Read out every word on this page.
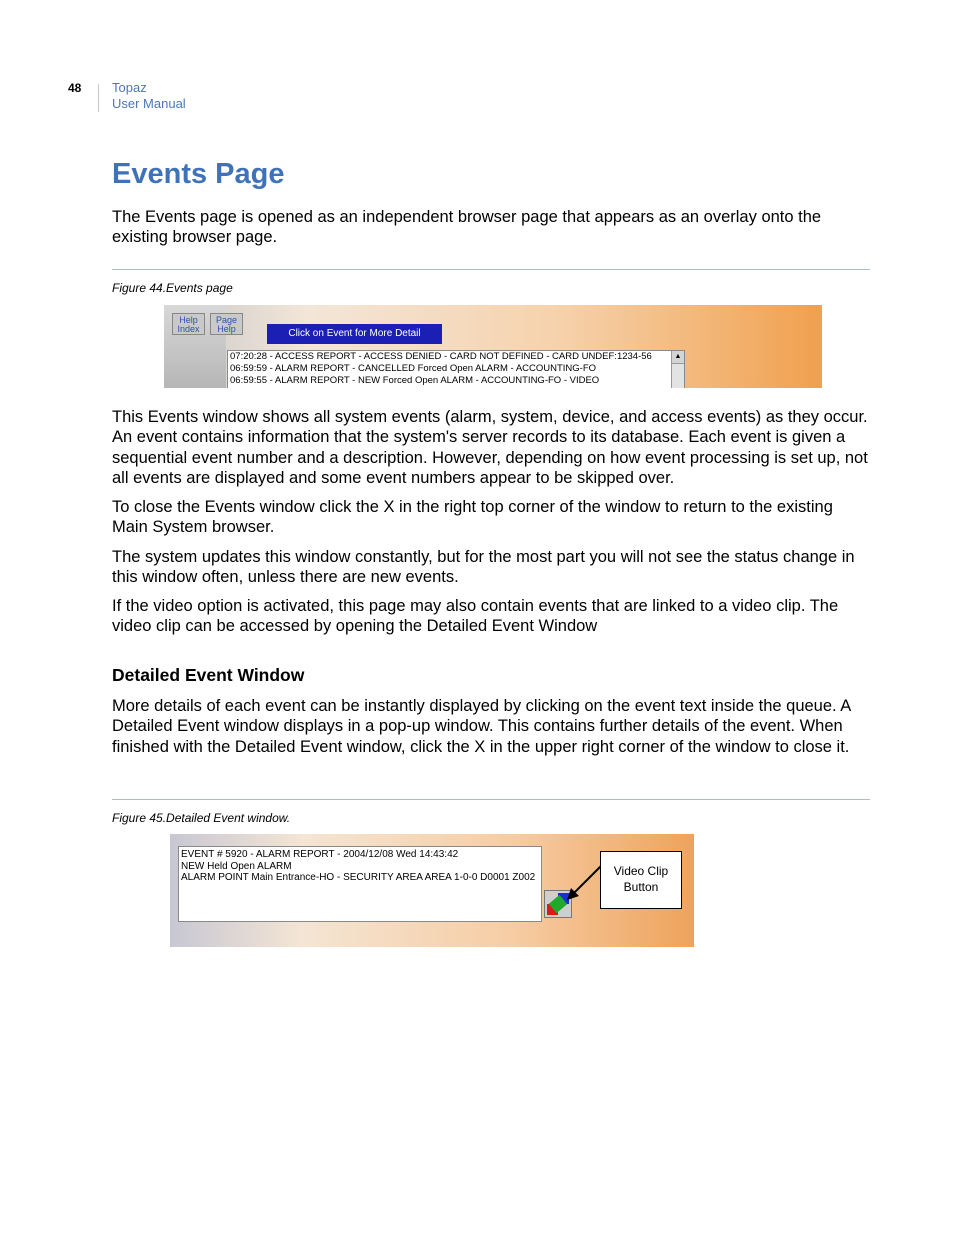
48 Topaz
User Manual
Events Page

The Events page is opened as an independent browser page that appears as an overlay onto the existing browser page.

Figure 44.Events page
Help Index
Page Help	Click on Event for More Detail
07:20:28 - ACCESS REPORT - ACCESS DENIED - CARD NOT DEFINED - CARD UNDEF:1234-56
06:59:59 - ALARM REPORT - CANCELLED Forced Open ALARM - ACCOUNTING-FO
06:59:55 - ALARM REPORT - NEW Forced Open ALARM - ACCOUNTING-FO - VIDEO
▲

This Events window shows all system events (alarm, system, device, and access events) as they occur. An event contains information that the system's server records to its database. Each event is given a sequential event number and a description. However, depending on how event processing is set up, not all events are displayed and some event numbers appear to be skipped over.

To close the Events window click the X in the right top corner of the window to return to the existing Main System browser.

The system updates this window constantly, but for the most part you will not see the status change in this window often, unless there are new events.

If the video option is activated, this page may also contain events that are linked to a video clip. The video clip can be accessed by opening the Detailed Event Window

Detailed Event Window

More details of each event can be instantly displayed by clicking on the event text inside the queue. A Detailed Event window displays in a pop-up window. This contains further details of the event. When finished with the Detailed Event window, click the X in the upper right corner of the window to close it.

Figure 45.Detailed Event window.
EVENT # 5920 - ALARM REPORT - 2004/12/08 Wed 14:43:42
NEW Held Open ALARM
ALARM POINT Main Entrance-HO - SECURITY AREA AREA 1-0-0 D0001 Z002	Video Clip
Button
